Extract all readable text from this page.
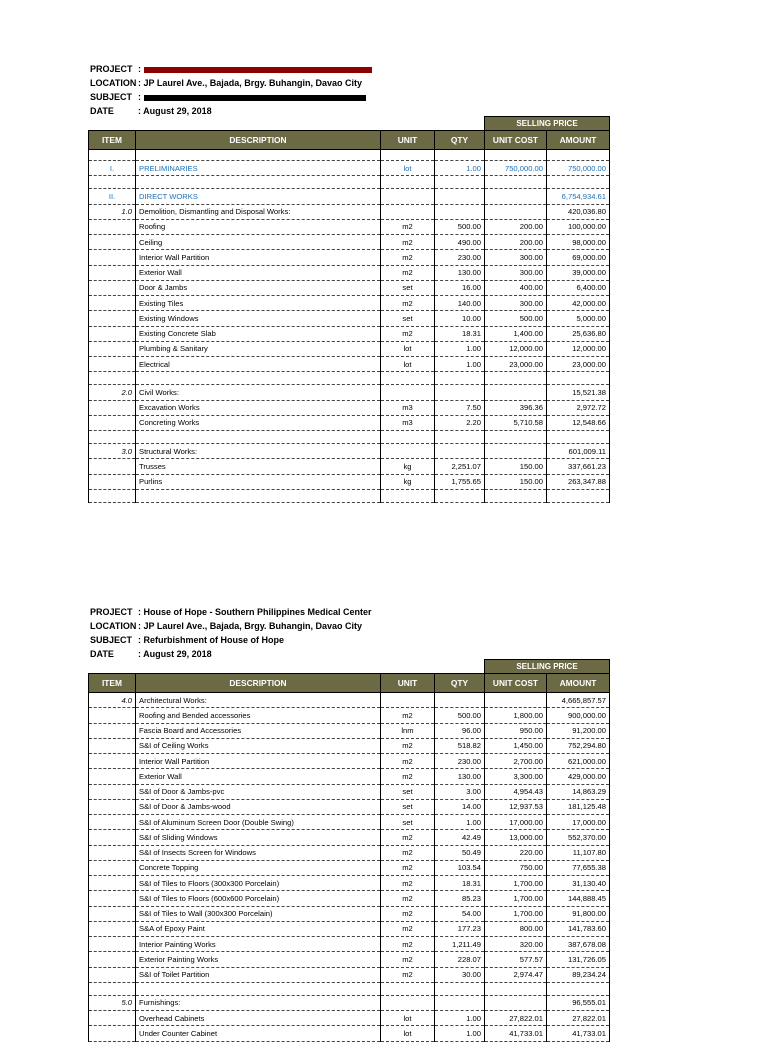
PROJECT :
LOCATION : JP Laurel Ave., Bajada, Brgy. Buhangin, Davao City
SUBJECT :
DATE	: August 29, 2018
				SELLING PRICE	
ITEM	DESCRIPTION	UNIT	QTY	UNIT COST	AMOUNT

I.	PRELIMINARIES	lot	1.00	750,000.00	750,000.00

II.	DIRECT WORKS				6,754,934.61
1.0	Demolition, Dismantling and Disposal Works:				420,036.80
	Roofing	m2	500.00	200.00	100,000.00
	Ceiling	m2	490.00	200.00	98,000.00
	Interior Wall Partition	m2	230.00	300.00	69,000.00
	Exterior Wall	m2	130.00	300.00	39,000.00
	Door & Jambs	set	16.00	400.00	6,400.00
	Existing Tiles	m2	140.00	300.00	42,000.00
	Existing Windows	set	10.00	500.00	5,000.00
	Existing Concrete Slab	m2	18.31	1,400.00	25,636.80
	Plumbing & Sanitary	lot	1.00	12,000.00	12,000.00
	Electrical	lot	1.00	23,000.00	23,000.00

2.0	Civil Works:				15,521.38
	Excavation Works	m3	7.50	396.36	2,972.72
	Concreting Works	m3	2.20	5,710.58	12,548.66

3.0	Structural Works:				601,009.11
	Trusses	kg	2,251.07	150.00	337,661.23
	Purlins	kg	1,755.65	150.00	263,347.88

PROJECT : House of Hope - Southern Philippines Medical Center
LOCATION : JP Laurel Ave., Bajada, Brgy. Buhangin, Davao City
SUBJECT : Refurbishment of House of Hope
DATE	: August 29, 2018
				SELLING PRICE	
ITEM	DESCRIPTION	UNIT	QTY	UNIT COST	AMOUNT
4.0	Architectural Works:				4,665,857.57
	Roofing and Bended accessories	m2	500.00	1,800.00	900,000.00
	Fascia Board and Accessories	lnm	96.00	950.00	91,200.00
	S&I of Ceiling Works	m2	518.82	1,450.00	752,294.80
	Interior Wall Partition	m2	230.00	2,700.00	621,000.00
	Exterior Wall	m2	130.00	3,300.00	429,000.00
	S&I of Door & Jambs-pvc	set	3.00	4,954.43	14,863.29
	S&I of Door & Jambs-wood	set	14.00	12,937.53	181,125.48
	S&I of Aluminum Screen Door (Double Swing)	set	1.00	17,000.00	17,000.00
	S&I of Sliding Windows	m2	42.49	13,000.00	552,370.00
	S&I of Insects Screen for Windows	m2	50.49	220.00	11,107.80
	Concrete Topping	m2	103.54	750.00	77,655.38
	S&I of Tiles to Floors (300x300 Porcelain)	m2	18.31	1,700.00	31,130.40
	S&I of Tiles to Floors (600x600 Porcelain)	m2	85.23	1,700.00	144,888.45
	S&I of Tiles to Wall (300x300 Porcelain)	m2	54.00	1,700.00	91,800.00
	S&A of Epoxy Paint	m2	177.23	800.00	141,783.60
	Interior Painting Works	m2	1,211.49	320.00	387,678.08
	Exterior Painting Works	m2	228.07	577.57	131,726.05
	S&I of Toilet Partition	m2	30.00	2,974.47	89,234.24

5.0	Furnishings:				96,555.01
	Overhead Cabinets	lot	1.00	27,822.01	27,822.01
	Under Counter Cabinet	lot	1.00	41,733.01	41,733.01
